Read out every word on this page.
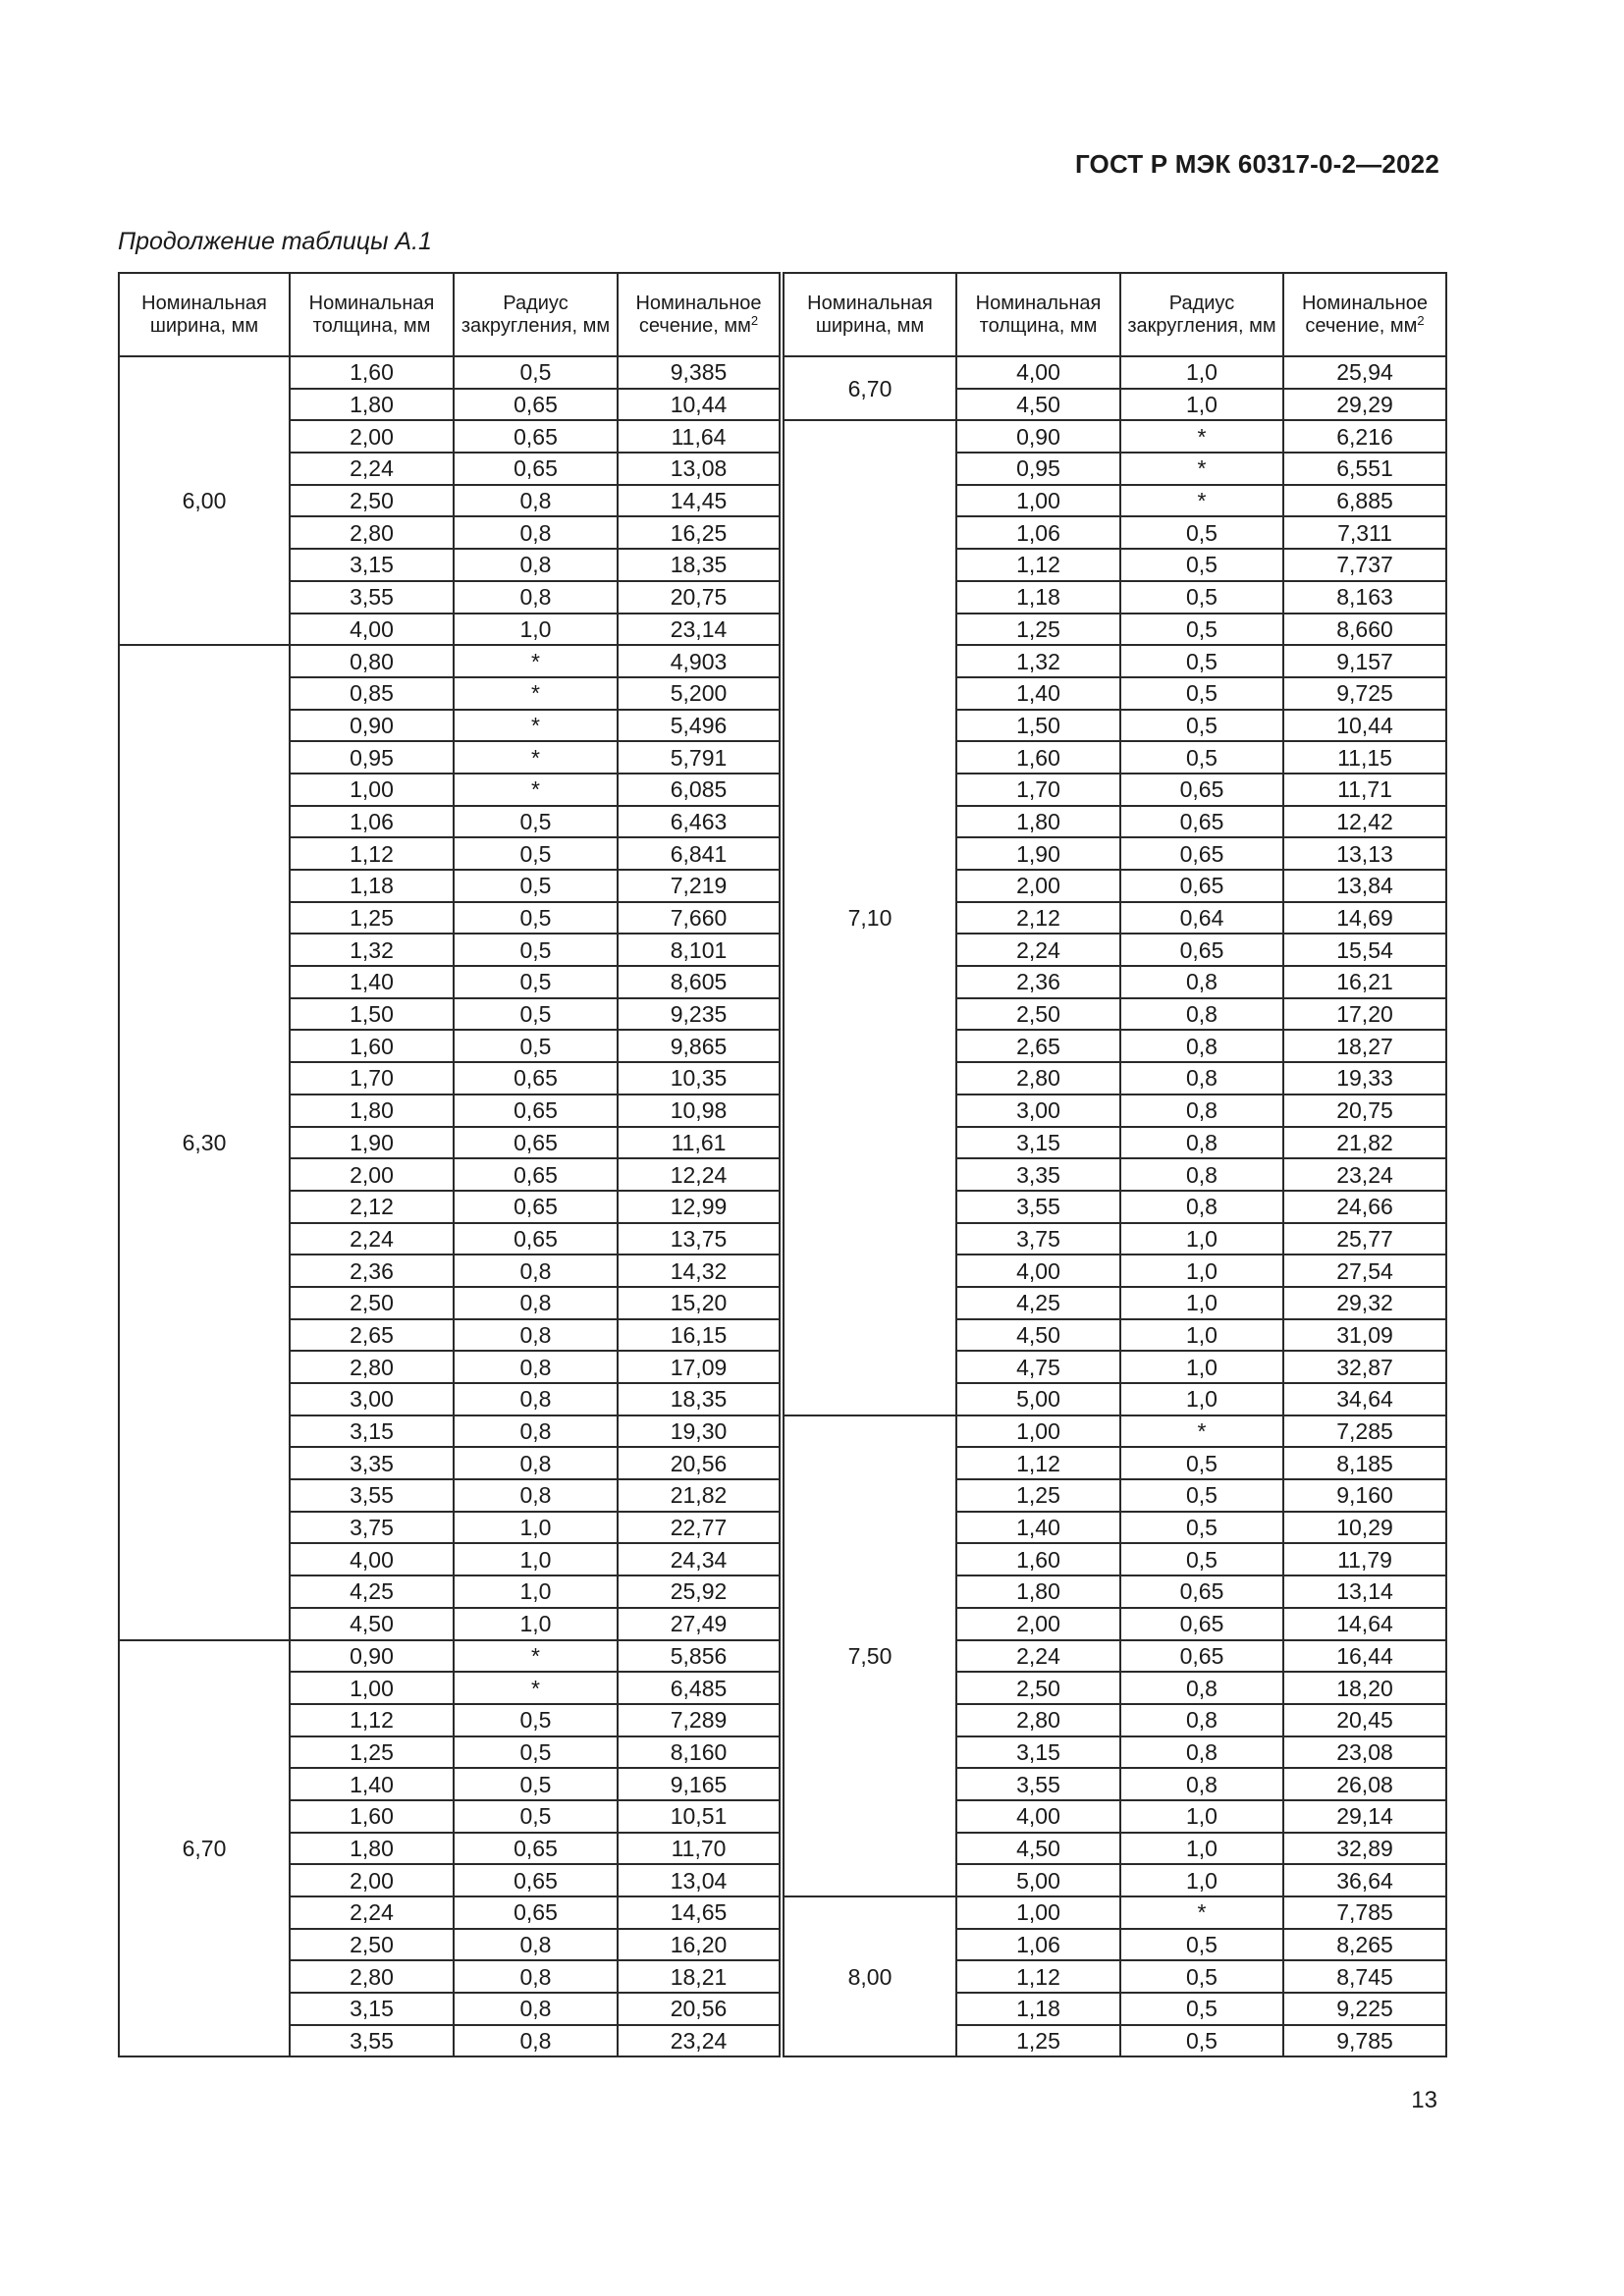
ГОСТ Р МЭК 60317-0-2—2022
Продолжение таблицы А.1
Номинальная ширина, мм	Номинальная толщина, мм	Радиус закругления, мм	Номинальное сечение, $мм^2$	Номинальная ширина, мм	Номинальная толщина, мм	Радиус закругления, мм	Номинальное сечение, $мм^2$
6,00	1,60	0,5	9,385	6,70	4,00	1,0	25,94
	1,80	0,65	10,44		4,50	1,0	29,29
	2,00	0,65	11,64	7,10	0,90	*	6,216
	2,24	0,65	13,08		0,95	*	6,551
	2,50	0,8	14,45		1,00	*	6,885
	2,80	0,8	16,25		1,06	0,5	7,311
	3,15	0,8	18,35		1,12	0,5	7,737
	3,55	0,8	20,75		1,18	0,5	8,163
	4,00	1,0	23,14		1,25	0,5	8,660
6,30	0,80	*	4,903		1,32	0,5	9,157
	0,85	*	5,200		1,40	0,5	9,725
	0,90	*	5,496		1,50	0,5	10,44
	0,95	*	5,791		1,60	0,5	11,15
	1,00	*	6,085		1,70	0,65	11,71
	1,06	0,5	6,463		1,80	0,65	12,42
	1,12	0,5	6,841		1,90	0,65	13,13
	1,18	0,5	7,219		2,00	0,65	13,84
	1,25	0,5	7,660		2,12	0,64	14,69
	1,32	0,5	8,101		2,24	0,65	15,54
	1,40	0,5	8,605		2,36	0,8	16,21
	1,50	0,5	9,235		2,50	0,8	17,20
	1,60	0,5	9,865		2,65	0,8	18,27
	1,70	0,65	10,35		2,80	0,8	19,33
	1,80	0,65	10,98		3,00	0,8	20,75
	1,90	0,65	11,61		3,15	0,8	21,82
	2,00	0,65	12,24		3,35	0,8	23,24
	2,12	0,65	12,99		3,55	0,8	24,66
	2,24	0,65	13,75		3,75	1,0	25,77
	2,36	0,8	14,32		4,00	1,0	27,54
	2,50	0,8	15,20		4,25	1,0	29,32
	2,65	0,8	16,15		4,50	1,0	31,09
	2,80	0,8	17,09		4,75	1,0	32,87
	3,00	0,8	18,35		5,00	1,0	34,64
	3,15	0,8	19,30	7,50	1,00	*	7,285
	3,35	0,8	20,56		1,12	0,5	8,185
	3,55	0,8	21,82		1,25	0,5	9,160
	3,75	1,0	22,77		1,40	0,5	10,29
	4,00	1,0	24,34		1,60	0,5	11,79
	4,25	1,0	25,92		1,80	0,65	13,14
	4,50	1,0	27,49		2,00	0,65	14,64
6,70	0,90	*	5,856		2,24	0,65	16,44
	1,00	*	6,485		2,50	0,8	18,20
	1,12	0,5	7,289		2,80	0,8	20,45
	1,25	0,5	8,160		3,15	0,8	23,08
	1,40	0,5	9,165		3,55	0,8	26,08
	1,60	0,5	10,51		4,00	1,0	29,14
	1,80	0,65	11,70		4,50	1,0	32,89
	2,00	0,65	13,04		5,00	1,0	36,64
	2,24	0,65	14,65	8,00	1,00	*	7,785
	2,50	0,8	16,20		1,06	0,5	8,265
	2,80	0,8	18,21		1,12	0,5	8,745
	3,15	0,8	20,56		1,18	0,5	9,225
	3,55	0,8	23,24		1,25	0,5	9,785
13
